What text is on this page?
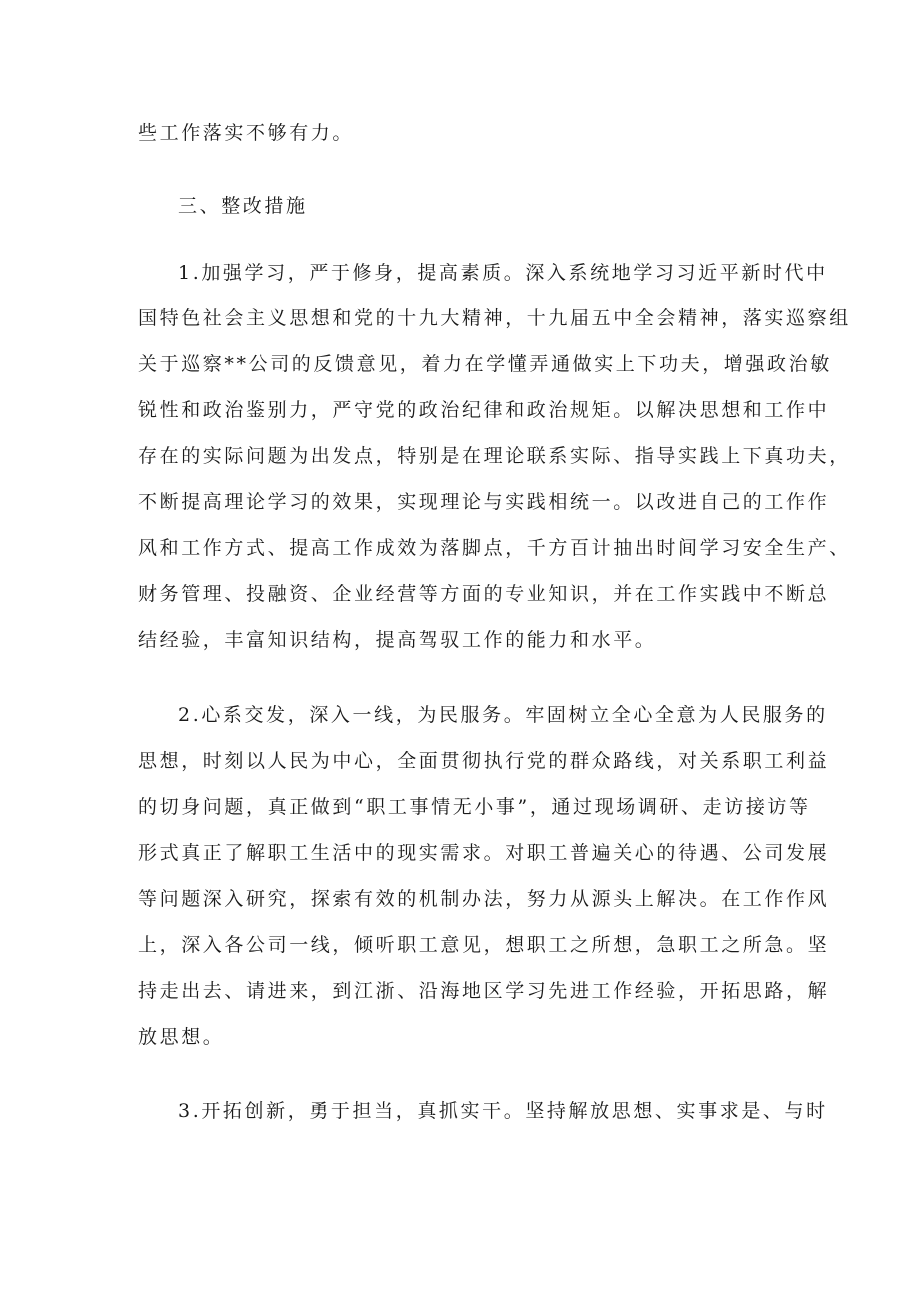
些工作落实不够有力。
三、整改措施
1.加强学习，严于修身，提高素质。深入系统地学习习近平新时代中
国特色社会主义思想和党的十九大精神，十九届五中全会精神，落实巡察组
关于巡察**公司的反馈意见，着力在学懂弄通做实上下功夫，增强政治敏
锐性和政治鉴别力，严守党的政治纪律和政治规矩。以解决思想和工作中
存在的实际问题为出发点，特别是在理论联系实际、指导实践上下真功夫，
不断提高理论学习的效果，实现理论与实践相统一。以改进自己的工作作
风和工作方式、提高工作成效为落脚点，千方百计抽出时间学习安全生产、
财务管理、投融资、企业经营等方面的专业知识，并在工作实践中不断总
结经验，丰富知识结构，提高驾驭工作的能力和水平。
2.心系交发，深入一线，为民服务。牢固树立全心全意为人民服务的
思想，时刻以人民为中心，全面贯彻执行党的群众路线，对关系职工利益
的切身问题，真正做到“职工事情无小事”，通过现场调研、走访接访等
形式真正了解职工生活中的现实需求。对职工普遍关心的待遇、公司发展
等问题深入研究，探索有效的机制办法，努力从源头上解决。在工作作风
上，深入各公司一线，倾听职工意见，想职工之所想，急职工之所急。坚
持走出去、请进来，到江浙、沿海地区学习先进工作经验，开拓思路，解
放思想。
3.开拓创新，勇于担当，真抓实干。坚持解放思想、实事求是、与时
